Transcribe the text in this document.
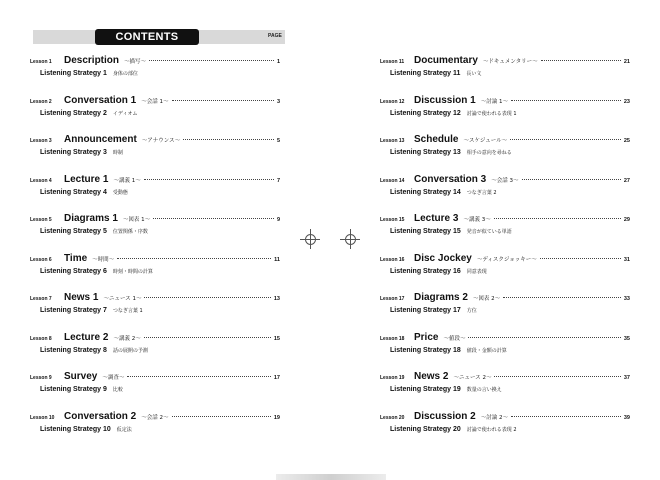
CONTENTS	PAGE
Lesson 1	Description ～描写～	1
Listening Strategy 1 身体の部位
Lesson 2	Conversation 1 ～会話 1～	3
Listening Strategy 2 イディオム
Lesson 3	Announcement ～アナウンス～	5
Listening Strategy 3 時制
Lesson 4	Lecture 1 ～講義 1～	7
Listening Strategy 4 受動態
Lesson 5	Diagrams 1 ～図表 1～	9
Listening Strategy 5 位置関係・序数
Lesson 6	Time ～時間～	11
Listening Strategy 6 時刻・時間の計算
Lesson 7	News 1 ～ニュース 1～	13
Listening Strategy 7 つなぎ言葉 1
Lesson 8	Lecture 2 ～講義 2～	15
Listening Strategy 8 話の展開の予測
Lesson 9	Survey ～調査～	17
Listening Strategy 9 比較
Lesson 10 Conversation 2 ～会話 2～	19
Listening Strategy 10 仮定法
Lesson 11 Documentary ～ドキュメンタリー～	21
Listening Strategy 11 長い文
Lesson 12 Discussion 1 ～討論 1～	23
Listening Strategy 12 討論で使われる表現 1
Lesson 13 Schedule ～スケジュール～	25
Listening Strategy 13 相手の意向を尋ねる
Lesson 14 Conversation 3 ～会話 3～	27
Listening Strategy 14 つなぎ言葉 2
Lesson 15 Lecture 3 ～講義 3～	29
Listening Strategy 15 発音が似ている単語
Lesson 16 Disc Jockey ～ディスクジョッキー～	31
Listening Strategy 16 同意表現
Lesson 17 Diagrams 2 ～図表 2～	33
Listening Strategy 17 方位
Lesson 18 Price ～値段～	35
Listening Strategy 18 値段・金額の計算
Lesson 19 News 2 ～ニュース 2～	37
Listening Strategy 19 数量の言い換え
Lesson 20 Discussion 2 ～討論 2～	39
Listening Strategy 20 討論で使われる表現 2
